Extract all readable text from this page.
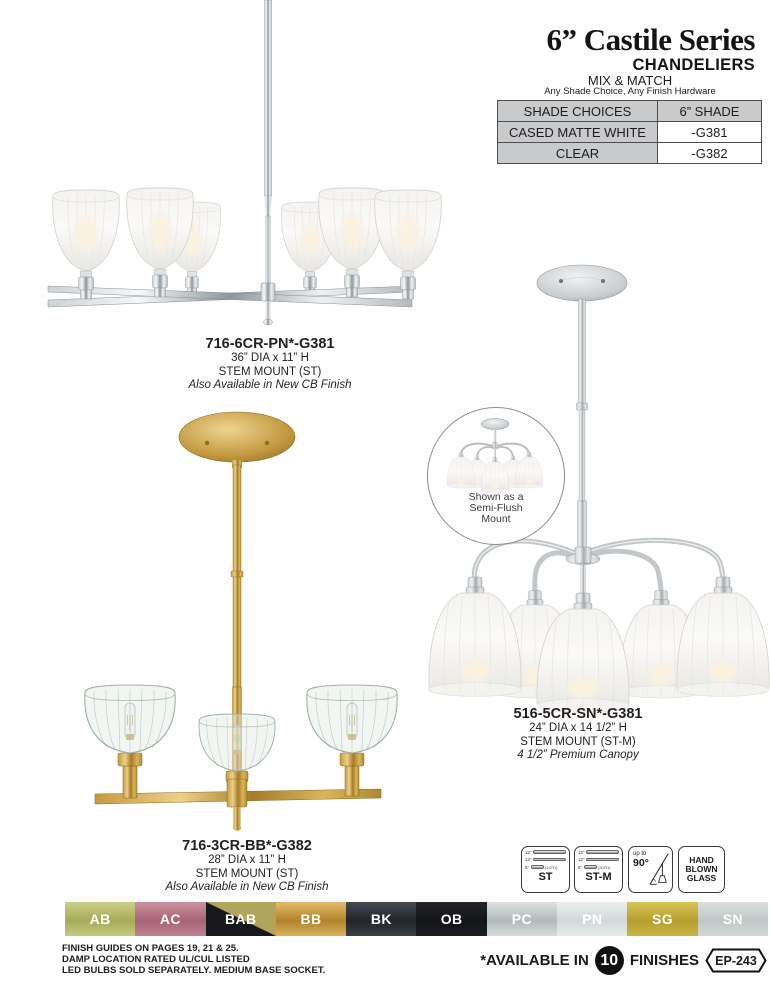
6” Castile Series
CHANDELIERS
MIX & MATCH
Any Shade Choice, Any Finish Hardware
SHADE CHOICES	6” SHADE
CASED MATTE WHITE	-G381
CLEAR	-G382
716-6CR-PN*-G381
36” DIA x 11” H
STEM MOUNT (ST)
Also Available in New CB Finish
716-3CR-BB*-G382
28” DIA x 11” H
STEM MOUNT (ST)
Also Available in New CB Finish
Shown as a
Semi-Flush
Mount
516-5CR-SN*-G381
24” DIA x 14 1/2” H
STEM MOUNT (ST-M)
4 1/2” Premium Canopy
12”
12”
6”	(1/2”D)
ST
12”
12”
6”	(3/4”D)
ST-M
up to
90°	HAND
BLOWN
GLASS
AB	AC	BAB	BB	BK	OB	PC	PN	SG	SN
FINISH GUIDES ON PAGES 19, 21 & 25.
DAMP LOCATION RATED UL/CUL LISTED
LED BULBS SOLD SEPARATELY. MEDIUM BASE SOCKET.
*AVAILABLE IN 10 FINISHES EP-243
